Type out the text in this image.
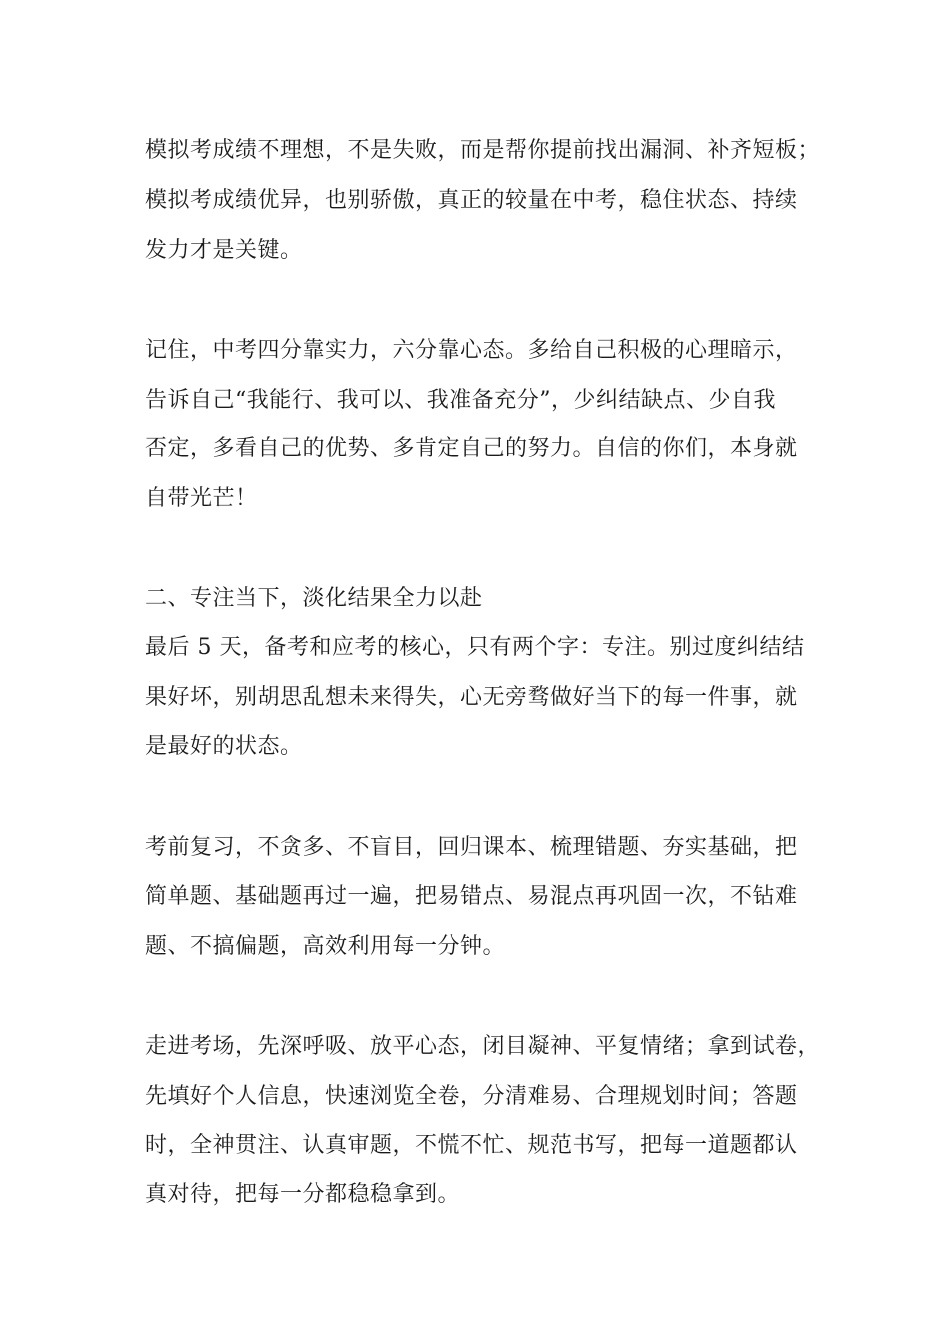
模拟考成绩不理想，不是失败，而是帮你提前找出漏洞、补齐短板；

模拟考成绩优异，也别骄傲，真正的较量在中考，稳住状态、持续

发力才是关键。

记住，中考四分靠实力，六分靠心态。多给自己积极的心理暗示，

告诉自己“我能行、我可以、我准备充分”，少纠结缺点、少自我

否定，多看自己的优势、多肯定自己的努力。自信的你们，本身就

自带光芒！

二、专注当下，淡化结果全力以赴

最后 5 天，备考和应考的核心，只有两个字：专注。别过度纠结结

果好坏，别胡思乱想未来得失，心无旁骛做好当下的每一件事，就

是最好的状态。

考前复习，不贪多、不盲目，回归课本、梳理错题、夯实基础，把

简单题、基础题再过一遍，把易错点、易混点再巩固一次，不钻难

题、不搞偏题，高效利用每一分钟。

走进考场，先深呼吸、放平心态，闭目凝神、平复情绪；拿到试卷，

先填好个人信息，快速浏览全卷，分清难易、合理规划时间；答题

时，全神贯注、认真审题，不慌不忙、规范书写，把每一道题都认

真对待，把每一分都稳稳拿到。
